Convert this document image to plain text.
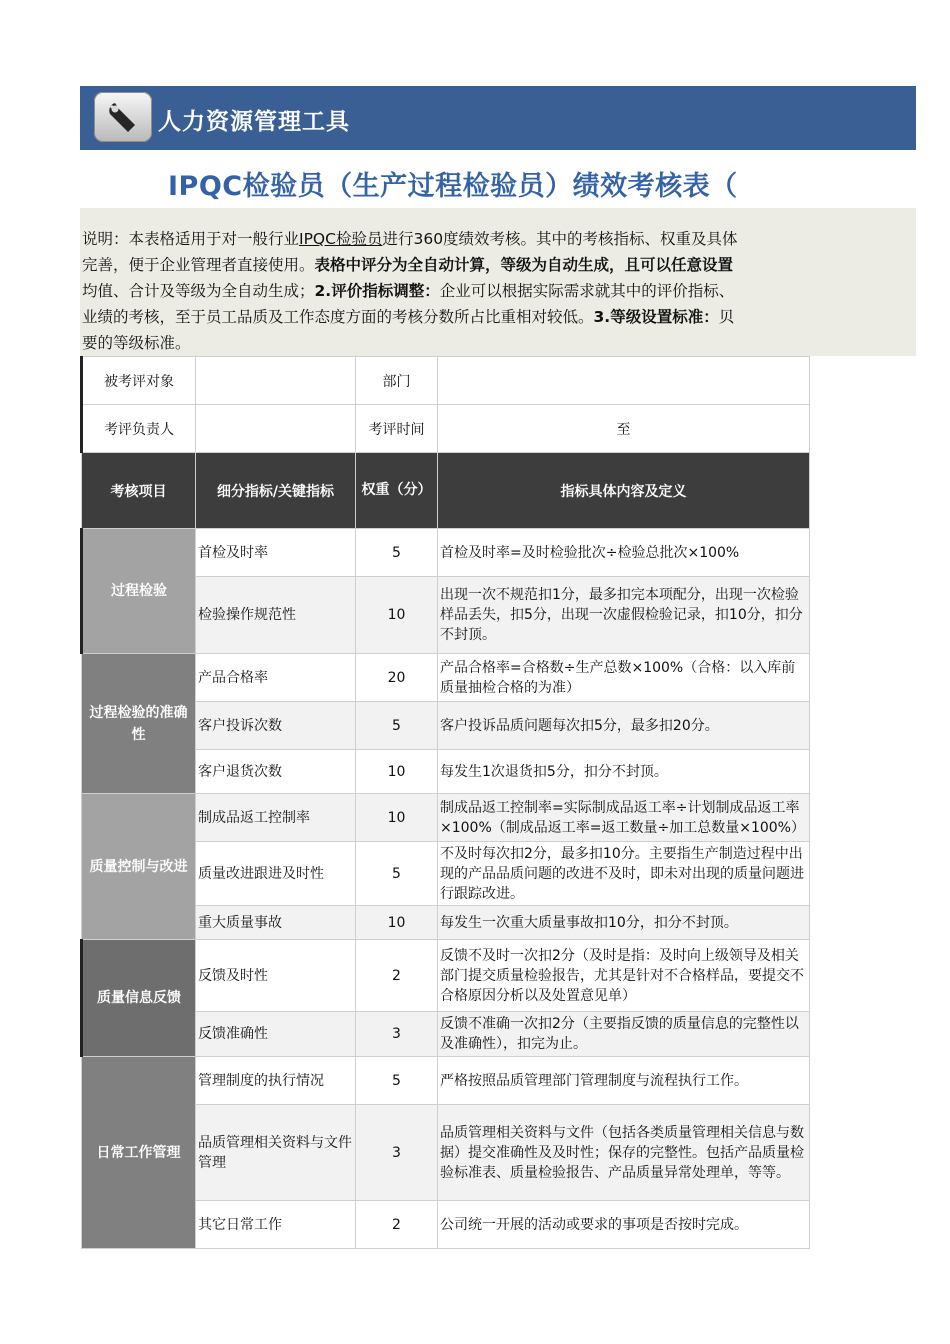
人力资源管理工具
IPQC检验员（生产过程检验员）绩效考核表（
说明：本表格适用于对一般行业IPQC检验员进行360度绩效考核。其中的考核指标、权重及具体
完善，便于企业管理者直接使用。表格中评分为全自动计算，等级为自动生成，且可以任意设置
均值、合计及等级为全自动生成；2.评价指标调整：企业可以根据实际需求就其中的评价指标、
业绩的考核，至于员工品质及工作态度方面的考核分数所占比重相对较低。3.等级设置标准：贝
要的等级标准。
被考评对象		部门	
考评负责人		考评时间	至
考核项目	细分指标/关键指标	权重（分）	指标具体内容及定义
过程检验	首检及时率	5	首检及时率=及时检验批次÷检验总批次×100%
	检验操作规范性	10	出现一次不规范扣1分，最多扣完本项配分，出现一次检验样品丢失，扣5分，出现一次虚假检验记录，扣10分，扣分不封顶。
过程检验的准确性	产品合格率	20	产品合格率=合格数÷生产总数×100%（合格：以入库前质量抽检合格的为准）
	客户投诉次数	5	客户投诉品质问题每次扣5分，最多扣20分。
	客户退货次数	10	每发生1次退货扣5分，扣分不封顶。
质量控制与改进	制成品返工控制率	10	制成品返工控制率=实际制成品返工率÷计划制成品返工率×100%（制成品返工率=返工数量÷加工总数量×100%）
	质量改进跟进及时性	5	不及时每次扣2分，最多扣10分。主要指生产制造过程中出现的产品品质问题的改进不及时，即未对出现的质量问题进行跟踪改进。
	重大质量事故	10	每发生一次重大质量事故扣10分，扣分不封顶。
质量信息反馈	反馈及时性	2	反馈不及时一次扣2分（及时是指：及时向上级领导及相关部门提交质量检验报告，尤其是针对不合格样品，要提交不合格原因分析以及处置意见单）
	反馈准确性	3	反馈不准确一次扣2分（主要指反馈的质量信息的完整性以及准确性），扣完为止。
日常工作管理	管理制度的执行情况	5	严格按照品质管理部门管理制度与流程执行工作。
	品质管理相关资料与文件管理	3	品质管理相关资料与文件（包括各类质量管理相关信息与数据）提交准确性及及时性；保存的完整性。包括产品质量检验标准表、质量检验报告、产品质量异常处理单，等等。
	其它日常工作	2	公司统一开展的活动或要求的事项是否按时完成。
